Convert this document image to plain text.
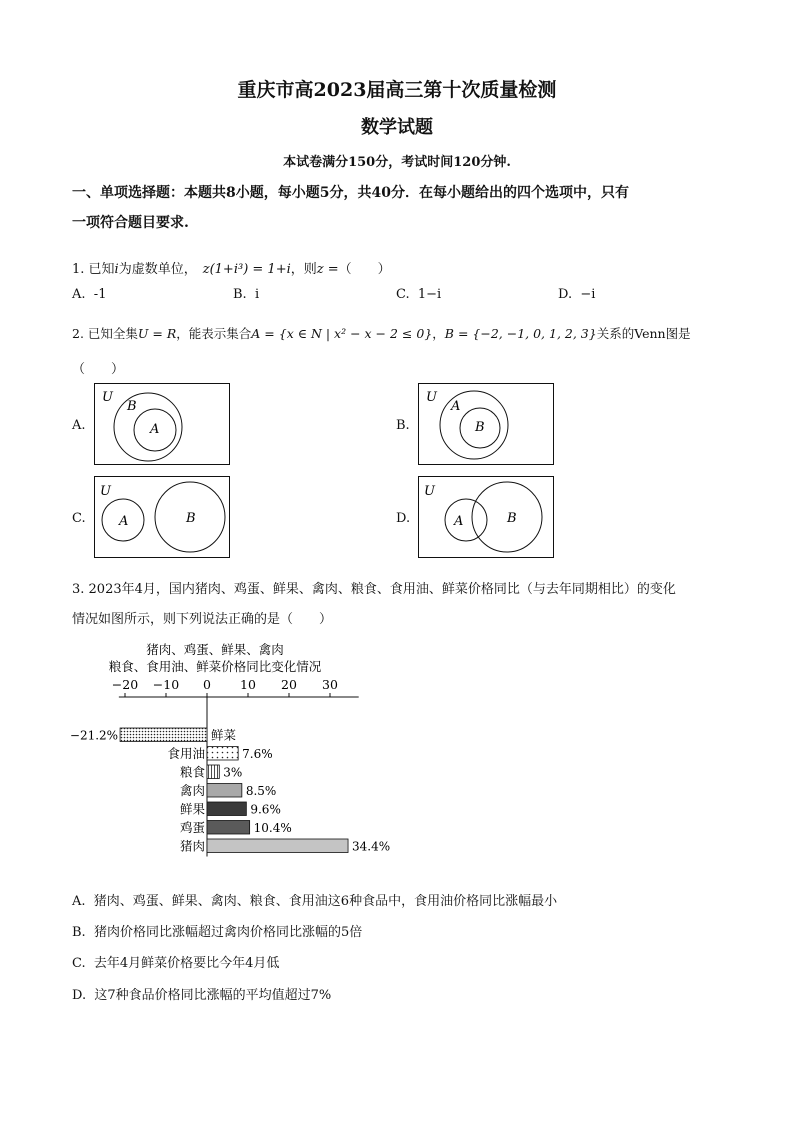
重庆市高2023届高三第十次质量检测
数学试题
本试卷满分150分，考试时间120分钟.
一、单项选择题：本题共8小题，每小题5分，共40分．在每小题给出的四个选项中，只有
一项符合题目要求.
1. 已知i为虚数单位， z(1+i³) = 1+i，则z =（　　）
A. -1	B. i	C. 1−i	D. −i
2. 已知全集U = R，能表示集合A = {x ∈ N | x² − x − 2 ≤ 0}，B = {−2, −1, 0, 1, 2, 3}关系的Venn图是
（　　）
A.
U
B
A	B.
U
A
B
C.
U
A	B	D.
U
A	B
3. 2023年4月，国内猪肉、鸡蛋、鲜果、禽肉、粮食、食用油、鲜菜价格同比（与去年同期相比）的变化
情况如图所示，则下列说法正确的是（　　）
猪肉、鸡蛋、鲜果、禽肉
粮食、食用油、鲜菜价格同比变化情况
−20 −10 0 10 20 30
鲜菜
−21.2%
食用油	7.6%
粮食 3%
禽肉	8.5%
鲜果	9.6%
鸡蛋	10.4%
猪肉	34.4%
A. 猪肉、鸡蛋、鲜果、禽肉、粮食、食用油这6种食品中，食用油价格同比涨幅最小
B. 猪肉价格同比涨幅超过禽肉价格同比涨幅的5倍
C. 去年4月鲜菜价格要比今年4月低
D. 这7种食品价格同比涨幅的平均值超过7%
